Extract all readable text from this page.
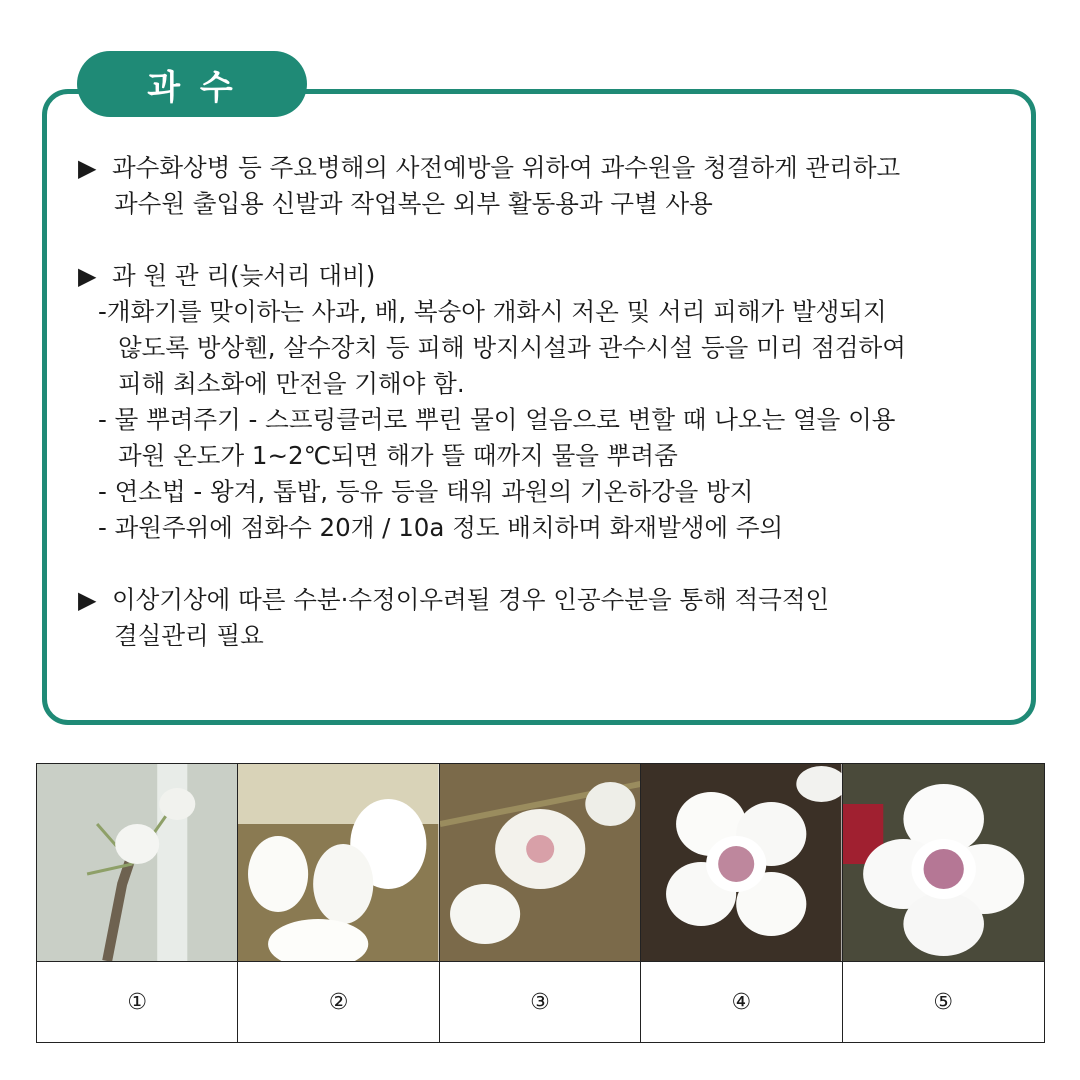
과 수
▶ 과수화상병 등 주요병해의 사전예방을 위하여 과수원을 청결하게 관리하고
과수원 출입용 신발과 작업복은 외부 활동용과 구별 사용
▶ 과 원 관 리(늦서리 대비)
-개화기를 맞이하는 사과, 배, 복숭아 개화시 저온 및 서리 피해가 발생되지
않도록 방상휀, 살수장치 등 피해 방지시설과 관수시설 등을 미리 점검하여
피해 최소화에 만전을 기해야 함.
- 물 뿌려주기 - 스프링클러로 뿌린 물이 얼음으로 변할 때 나오는 열을 이용
과원 온도가 1~2℃되면 해가 뜰 때까지 물을 뿌려줌
- 연소법 - 왕겨, 톱밥, 등유 등을 태워 과원의 기온하강을 방지
- 과원주위에 점화수 20개 / 10a 정도 배치하며 화재발생에 주의
▶ 이상기상에 따른 수분·수정이우려될 경우 인공수분을 통해 적극적인
결실관리 필요
①	②	③	④	⑤
